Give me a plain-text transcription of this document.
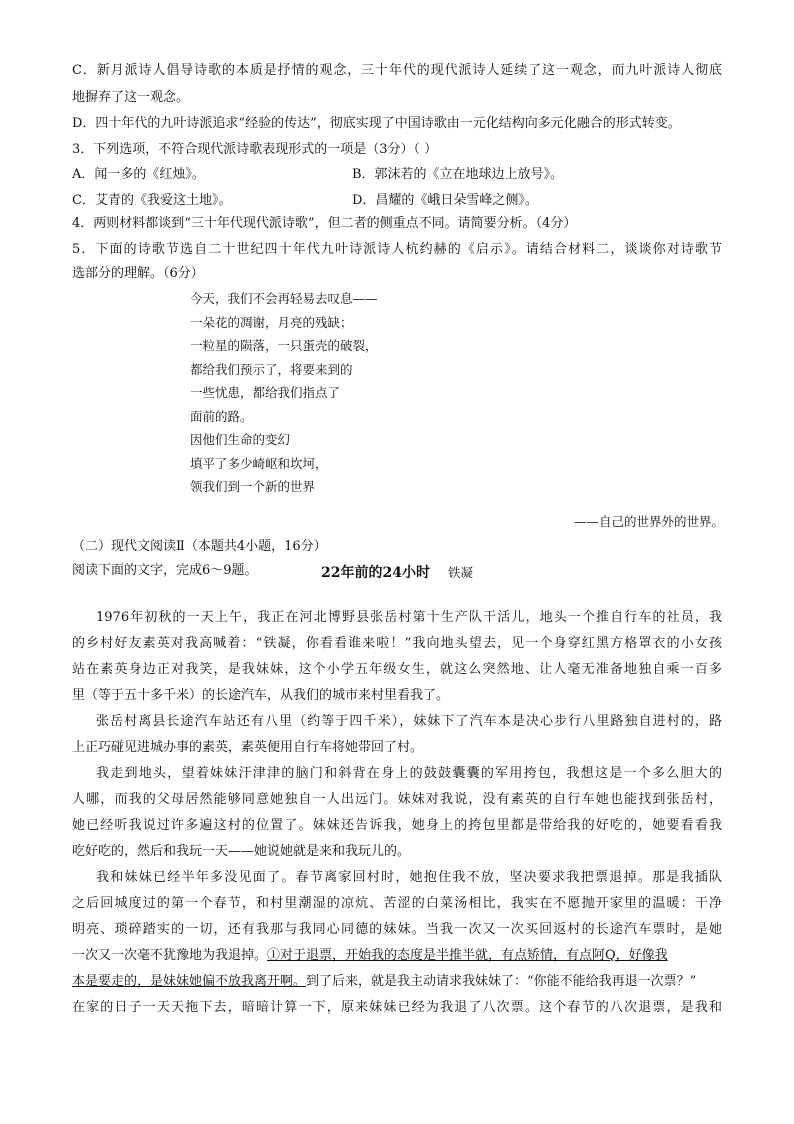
C．新月派诗人倡导诗歌的本质是抒情的观念，三十年代的现代派诗人延续了这一观念，而九叶派诗人彻底
地摒弃了这一观念。
D．四十年代的九叶诗派追求“经验的传达”，彻底实现了中国诗歌由一元化结构向多元化融合的形式转变。
3．下列选项，不符合现代派诗歌表现形式的一项是（3分）（ ）
A．闻一多的《红烛》。	B．郭沫若的《立在地球边上放号》。
C．艾青的《我爱这土地》。	D．昌耀的《峨日朵雪峰之侧》。
4．两则材料都谈到“三十年代现代派诗歌”，但二者的侧重点不同。请简要分析。（4分）
5．下面的诗歌节选自二十世纪四十年代九叶诗派诗人杭约赫的《启示》。请结合材料二，谈谈你对诗歌节
选部分的理解。（6分）
今天，我们不会再轻易去叹息——
一朵花的凋谢，月亮的残缺；
一粒星的陨落，一只蛋壳的破裂，
都给我们预示了，将要来到的
一些忧患，都给我们指点了
面前的路。
因他们生命的变幻
填平了多少崎岖和坎坷，
领我们到一个新的世界
——自己的世界外的世界。
（二）现代文阅读Ⅱ（本题共4小题，16分）
阅读下面的文字，完成6～9题。	22年前的24小时 铁凝
1976年初秋的一天上午，我正在河北博野县张岳村第十生产队干活儿，地头一个推自行车的社员，我
的乡村好友素英对我高喊着：“铁凝，你看看谁来啦！”我向地头望去，见一个身穿红黑方格罩衣的小女孩
站在素英身边正对我笑，是我妹妹，这个小学五年级女生，就这么突然地、让人毫无准备地独自乘一百多
里（等于五十多千米）的长途汽车，从我们的城市来村里看我了。
张岳村离县长途汽车站还有八里（约等于四千米），妹妹下了汽车本是决心步行八里路独自进村的，路
上正巧碰见进城办事的素英，素英便用自行车将她带回了村。
我走到地头，望着妹妹汗津津的脑门和斜背在身上的鼓鼓囊囊的军用挎包，我想这是一个多么胆大的
人哪，而我的父母居然能够同意她独自一人出远门。妹妹对我说，没有素英的自行车她也能找到张岳村，
她已经听我说过许多遍这村的位置了。妹妹还告诉我，她身上的挎包里都是带给我的好吃的，她要看看我
吃好吃的，然后和我玩一天——她说她就是来和我玩儿的。
我和妹妹已经半年多没见面了。春节离家回村时，她抱住我不放，坚决要求我把票退掉。那是我插队
之后回城度过的第一个春节，和村里潮湿的凉炕、苦涩的白菜汤相比，我实在不愿抛开家里的温暖：干净
明亮、琐碎踏实的一切，还有我那与我同心同德的妹妹。当我一次又一次买回返村的长途汽车票时，是她
一次又一次毫不犹豫地为我退掉。①对于退票，开始我的态度是半推半就，有点矫情，有点阿Q，好像我
本是要走的，是妹妹她偏不放我离开啊。到了后来，就是我主动请求我妹妹了：“你能不能给我再退一次票？”
在家的日子一天天拖下去，暗暗计算一下，原来妹妹已经为我退了八次票。这个春节的八次退票，是我和
